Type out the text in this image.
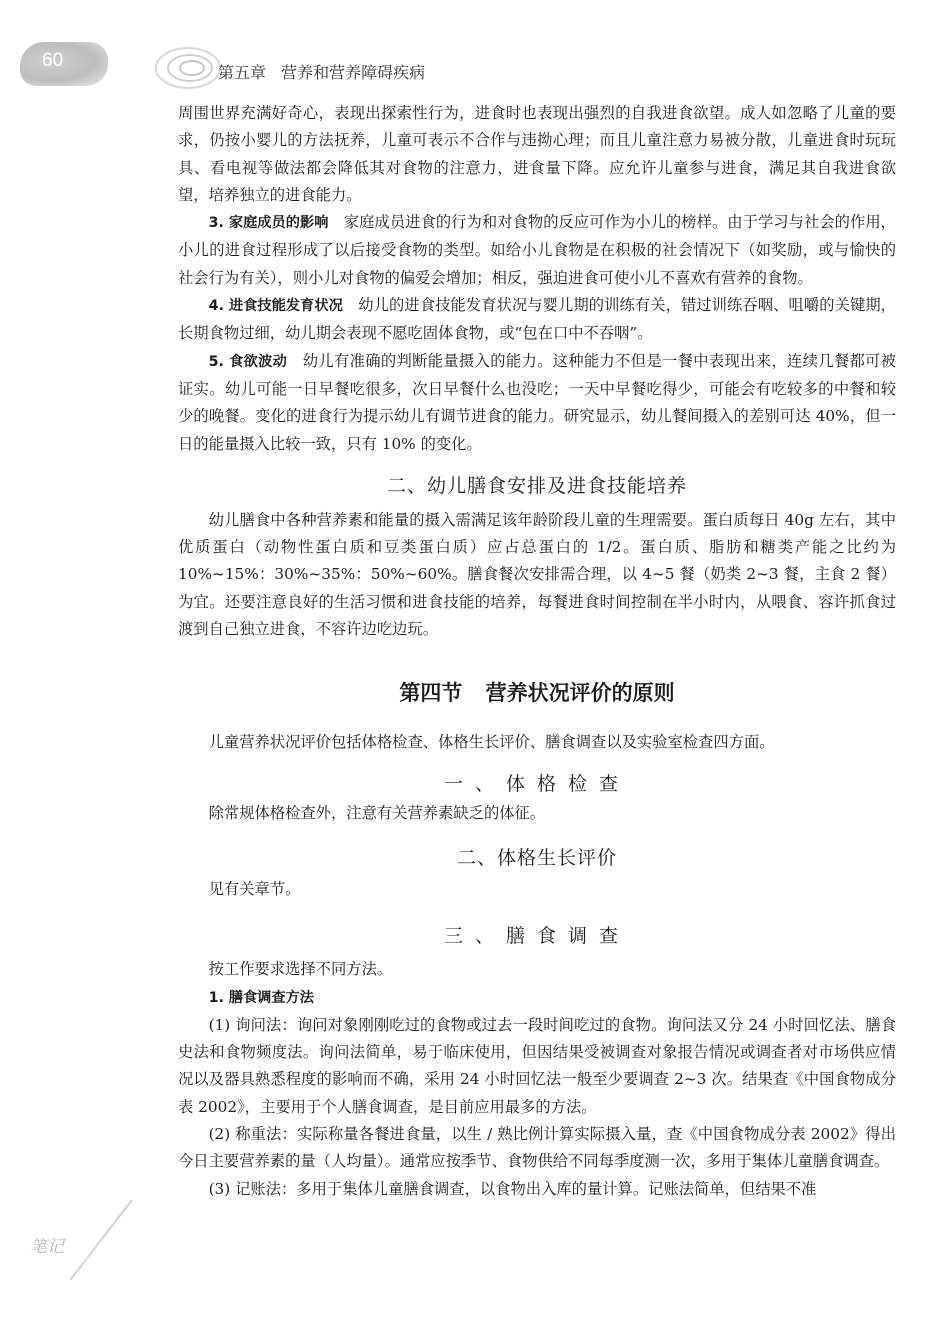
60
第五章 营养和营养障碍疾病

周围世界充满好奇心，表现出探索性行为，进食时也表现出强烈的自我进食欲望。成人如忽略了儿童的要求，仍按小婴儿的方法抚养，儿童可表示不合作与违拗心理；而且儿童注意力易被分散，儿童进食时玩玩具、看电视等做法都会降低其对食物的注意力，进食量下降。应允许儿童参与进食，满足其自我进食欲望，培养独立的进食能力。

3. 家庭成员的影响　 家庭成员进食的行为和对食物的反应可作为小儿的榜样。由于学习与社会的作用，小儿的进食过程形成了以后接受食物的类型。如给小儿食物是在积极的社会情况下（如奖励，或与愉快的社会行为有关），则小儿对食物的偏爱会增加；相反，强迫进食可使小儿不喜欢有营养的食物。

4. 进食技能发育状况　 幼儿的进食技能发育状况与婴儿期的训练有关，错过训练吞咽、咀嚼的关键期，长期食物过细，幼儿期会表现不愿吃固体食物，或“包在口中不吞咽”。

5. 食欲波动　 幼儿有准确的判断能量摄入的能力。这种能力不但是一餐中表现出来，连续几餐都可被证实。幼儿可能一日早餐吃很多，次日早餐什么也没吃；一天中早餐吃得少，可能会有吃较多的中餐和较少的晚餐。变化的进食行为提示幼儿有调节进食的能力。研究显示，幼儿餐间摄入的差别可达 40%，但一日的能量摄入比较一致，只有 10% 的变化。

二、幼儿膳食安排及进食技能培养

幼儿膳食中各种营养素和能量的摄入需满足该年龄阶段儿童的生理需要。蛋白质每日 40g 左右，其中优质蛋白（动物性蛋白质和豆类蛋白质）应占总蛋白的 1/2。蛋白质、脂肪和糖类产能之比约为 10%~15%：30%~35%：50%~60%。膳食餐次安排需合理，以 4~5 餐（奶类 2~3 餐，主食 2 餐）为宜。还要注意良好的生活习惯和进食技能的培养，每餐进食时间控制在半小时内，从喂食、容许抓食过渡到自己独立进食，不容许边吃边玩。

第四节 营养状况评价的原则

儿童营养状况评价包括体格检查、体格生长评价、膳食调查以及实验室检查四方面。

一、体格检查

除常规体格检查外，注意有关营养素缺乏的体征。

二、体格生长评价

见有关章节。

三、膳食调查

按工作要求选择不同方法。

1. 膳食调查方法

(1) 询问法：询问对象刚刚吃过的食物或过去一段时间吃过的食物。询问法又分 24 小时回忆法、膳食史法和食物频度法。询问法简单，易于临床使用，但因结果受被调查对象报告情况或调查者对市场供应情况以及器具熟悉程度的影响而不确，采用 24 小时回忆法一般至少要调查 2~3 次。结果查《中国食物成分表 2002》，主要用于个人膳食调查，是目前应用最多的方法。

(2) 称重法：实际称量各餐进食量，以生 / 熟比例计算实际摄入量，查《中国食物成分表 2002》得出今日主要营养素的量（人均量）。通常应按季节、食物供给不同每季度测一次，多用于集体儿童膳食调查。

(3) 记账法：多用于集体儿童膳食调查，以食物出入库的量计算。记账法简单，但结果不准

笔记
